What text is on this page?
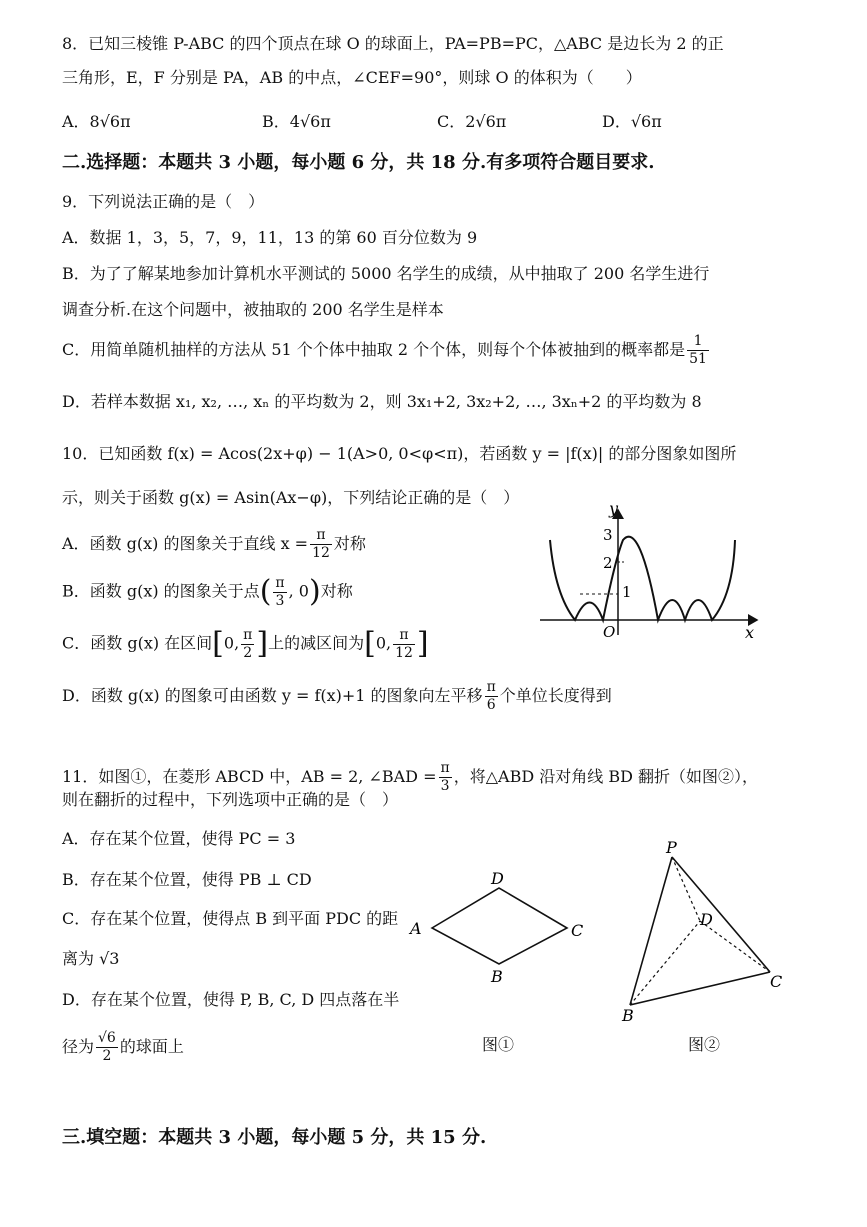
8．已知三棱锥 P-ABC 的四个顶点在球 O 的球面上，PA=PB=PC，△ABC 是边长为 2 的正
三角形，E，F 分别是 PA，AB 的中点，∠CEF=90°，则球 O 的体积为（　　）
A．8√6π	B．4√6π	C．2√6π	D．√6π
二.选择题：本题共 3 小题，每小题 6 分，共 18 分.有多项符合题目要求.
9．下列说法正确的是（　）
A．数据 1，3，5，7，9，11，13 的第 60 百分位数为 9
B．为了了解某地参加计算机水平测试的 5000 名学生的成绩，从中抽取了 200 名学生进行
调查分析.在这个问题中，被抽取的 200 名学生是样本
C．用简单随机抽样的方法从 51 个个体中抽取 2 个个体，则每个个体被抽到的概率都是 $\frac{1}{51}$
D．若样本数据 x₁, x₂, …, xₙ 的平均数为 2，则 3x₁+2, 3x₂+2, …, 3xₙ+2 的平均数为 8
10．已知函数 f(x) = Acos(2x+φ) − 1(A>0, 0<φ<π)，若函数 y = |f(x)| 的部分图象如图所
示，则关于函数 g(x) = Asin(Ax−φ)，下列结论正确的是（　）
A．函数 g(x) 的图象关于直线 $x = \frac{\pi}{12}$ 对称
B．函数 g(x) 的图象关于点( $\frac{\pi}{3}$ , 0)对称
C．函数 g(x) 在区间[0, $\frac{\pi}{2}$ ]上的减区间为[0, $\frac{\pi}{12}$ ]
D．函数 g(x) 的图象可由函数 y = f(x)+1 的图象向左平移 $\frac{\pi}{6}$ 个单位长度得到
y
x
O
3
2
1
11．如图①，在菱形 ABCD 中，AB = 2, ∠BAD = $\frac{\pi}{3}$ ，将△ABD 沿对角线 BD 翻折（如图②），
则在翻折的过程中，下列选项中正确的是（　）
A．存在某个位置，使得 PC = 3
B．存在某个位置，使得 PB ⊥ CD
C．存在某个位置，使得点 B 到平面 PDC 的距
离为 √3
D．存在某个位置，使得 P, B, C, D 四点落在半
径为 $\frac{√6}{2}$ 的球面上
A
D
C
B
图①
P
D
C
B
图②
三.填空题：本题共 3 小题，每小题 5 分，共 15 分.
